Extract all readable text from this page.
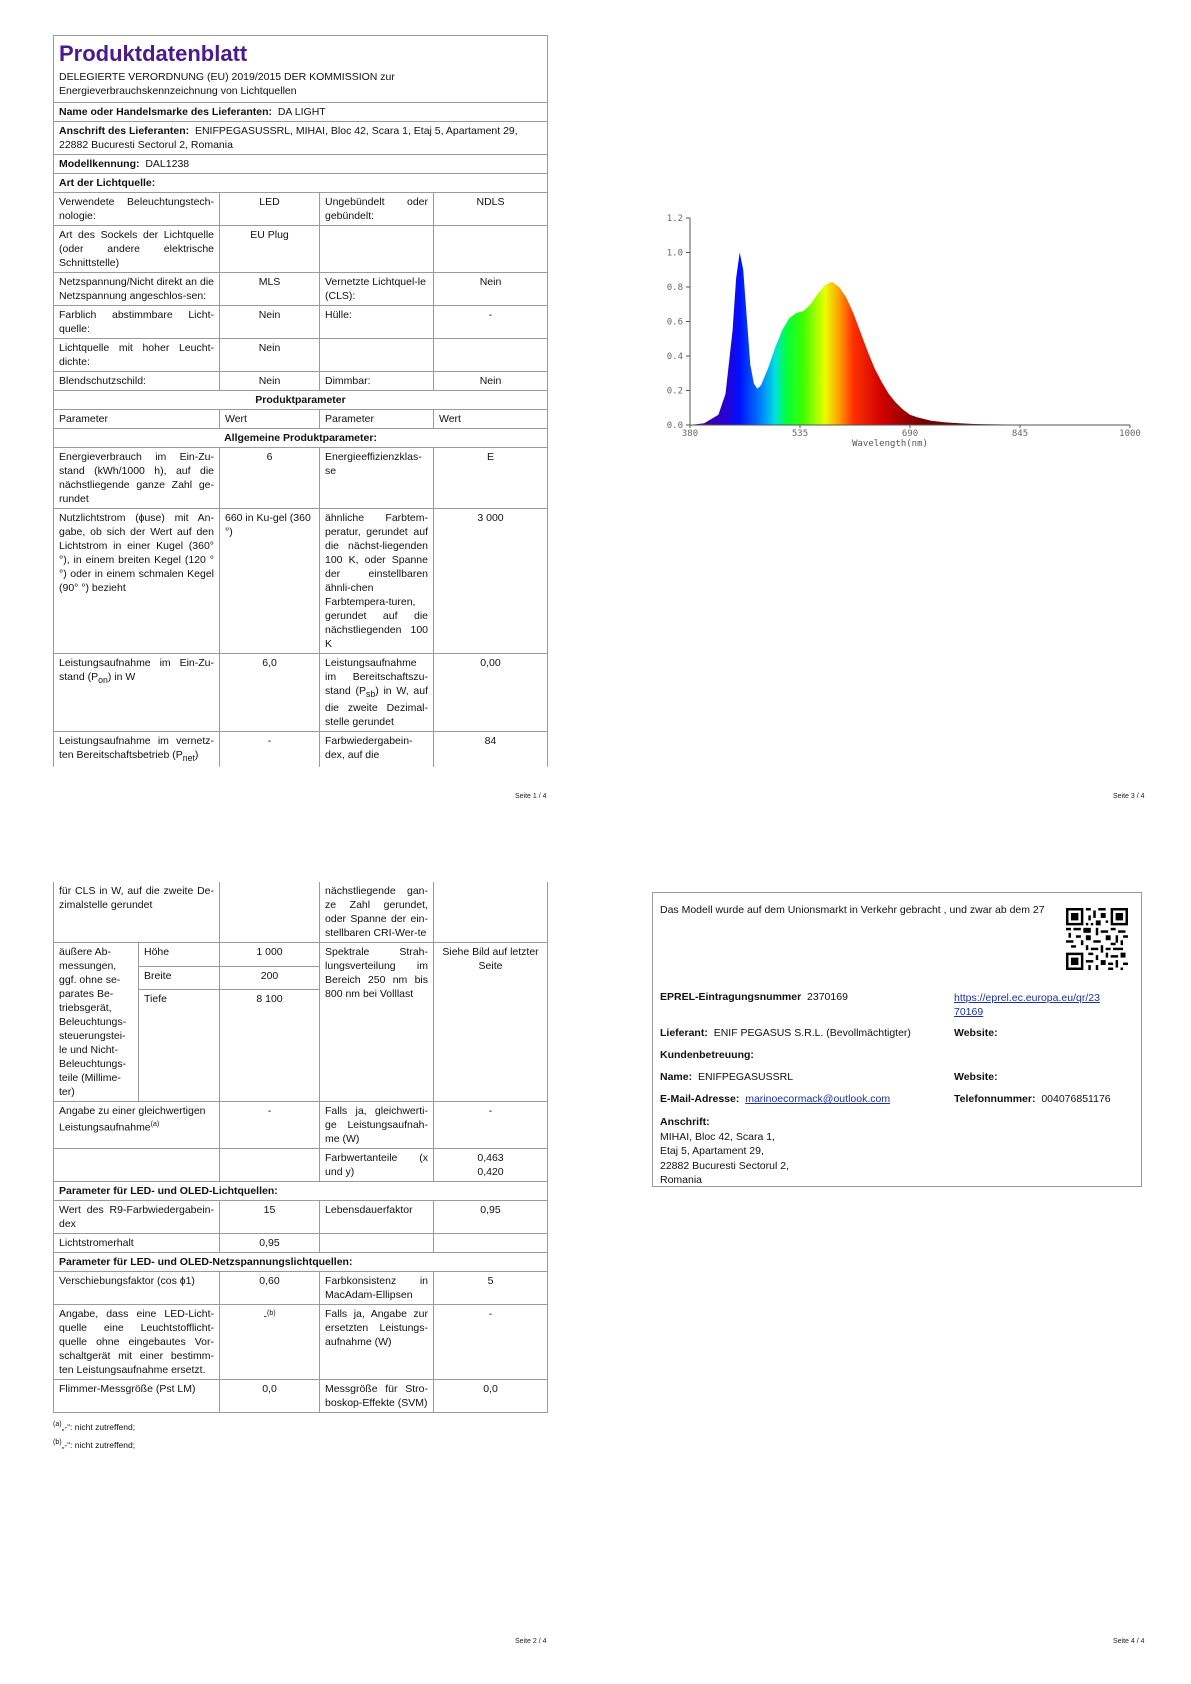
Produktdatenblatt
DELEGIERTE VERORDNUNG (EU) 2019/2015 DER KOMMISSION zur Energieverbrauchskennzeichnung von Lichtquellen			

Name oder Handelsmarke des Lieferanten: DA LIGHT			
Anschrift des Lieferanten: ENIFPEGASUSSRL, MIHAI, Bloc 42, Scara 1, Etaj 5, Apartament 29, 22882 Bucuresti Sectorul 2, Romania			
Modellkennung: DAL1238			
Art der Lichtquelle:			
Verwendete Beleuchtungstech-nologie:	LED	Ungebündelt oder gebündelt:	NDLS
Art des Sockels der Lichtquelle (oder andere elektrische Schnittstelle)	EU Plug		
Netzspannung/Nicht direkt an die Netzspannung angeschlos-sen:	MLS	Vernetzte Lichtquel-le (CLS):	Nein
Farblich abstimmbare Licht-quelle:	Nein	Hülle:	-
Lichtquelle mit hoher Leucht-dichte:	Nein		
Blendschutzschild:	Nein	Dimmbar:	Nein
Produktparameter			
Parameter	Wert	Parameter	Wert
Allgemeine Produktparameter:			
Energieverbrauch im Ein-Zu-stand (kWh/1000 h), auf die nächstliegende ganze Zahl ge-rundet	6	Energieeffizienzklas-se	E
Nutzlichtstrom (ɸuse) mit An-gabe, ob sich der Wert auf den Lichtstrom in einer Kugel (360° °), in einem breiten Kegel (120 °°) oder in einem schmalen Kegel (90° °) bezieht	660 in Ku-gel (360 °)	ähnliche Farbtem-peratur, gerundet auf die nächst-liegenden 100 K, oder Spanne der einstellbaren ähnli-chen Farbtempera-turen, gerundet auf die nächstliegenden 100 K	3 000
Leistungsaufnahme im Ein-Zu-stand $(P_{on})$ in W	6,0	Leistungsaufnahme im Bereitschaftszu-stand $(P_{sb})$ in W, auf die zweite Dezimal-stelle gerundet	0,00
Leistungsaufnahme im vernetz-ten Bereitschaftsbetrieb $(P_{net})$	-	Farbwiedergabein-dex, auf die	84
Seite 1 / 4
0.0
0.2
0.4
0.6
0.8
1.0
1.2
380	535	690	845	1000
Wavelength(nm)
Seite 3 / 4
für CLS in W, auf die zweite De-zimalstelle gerundet			nächstliegende gan-ze Zahl gerundet, oder Spanne der ein-stellbaren CRI-Wer-te	
äußere Ab-messungen, ggf. ohne se-parates Be-triebsgerät, Beleuchtungs-steuerungstei-le und Nicht-Beleuchtungs-teile (Millime-ter)	Höhe	1 000	Spektrale Strah-lungsverteilung im Bereich 250 nm bis 800 nm bei Volllast	Siehe Bild auf letzter Seite
	Breite	200		
	Tiefe	8 100		
Angabe zu einer gleichwertigen Leistungsaufnahme$^{(a)}$		-	Falls ja, gleichwerti-ge Leistungsaufnah-me (W)	-
			Farbwertanteile (x und y)	0,463
0,420

Parameter für LED- und OLED-Lichtquellen:				
Wert des R9-Farbwiedergabein-dex		15	Lebensdauerfaktor	0,95
Lichtstromerhalt		0,95		
Parameter für LED- und OLED-Netzspannungslichtquellen:				
Verschiebungsfaktor (cos ɸ1)		0,60	Farbkonsistenz in MacAdam-Ellipsen	5
Angabe, dass eine LED-Licht-quelle eine Leuchtstofflicht-quelle ohne eingebautes Vor-schaltgerät mit einer bestimm-ten Leistungsaufnahme ersetzt.		-$^{(b)}$	Falls ja, Angabe zur ersetzten Leistungs-aufnahme (W)	-
Flimmer-Messgröße (Pst LM)		0,0	Messgröße für Stro-boskop-Effekte (SVM)	0,0
$^{(a)}$„-“: nicht zutreffend;
$^{(b)}$„-“: nicht zutreffend;
Seite 2 / 4
Das Modell wurde auf dem Unionsmarkt in Verkehr gebracht , und zwar ab dem 27
EPREL-Eintragungsnummer 2370169	https://eprel.ec.europa.eu/qr/23
70169
Lieferant: ENIF PEGASUS S.R.L. (Bevollmächtigter)	Website:
Kundenbetreuung:
Name: ENIFPEGASUSSRL	Website:
E-Mail-Adresse: marinoecormack@outlook.com	Telefonnummer: 004076851176
Anschrift:
MIHAI, Bloc 42, Scara 1,
Etaj 5, Apartament 29,
22882 Bucuresti Sectorul 2,
Romania
Seite 4 / 4
